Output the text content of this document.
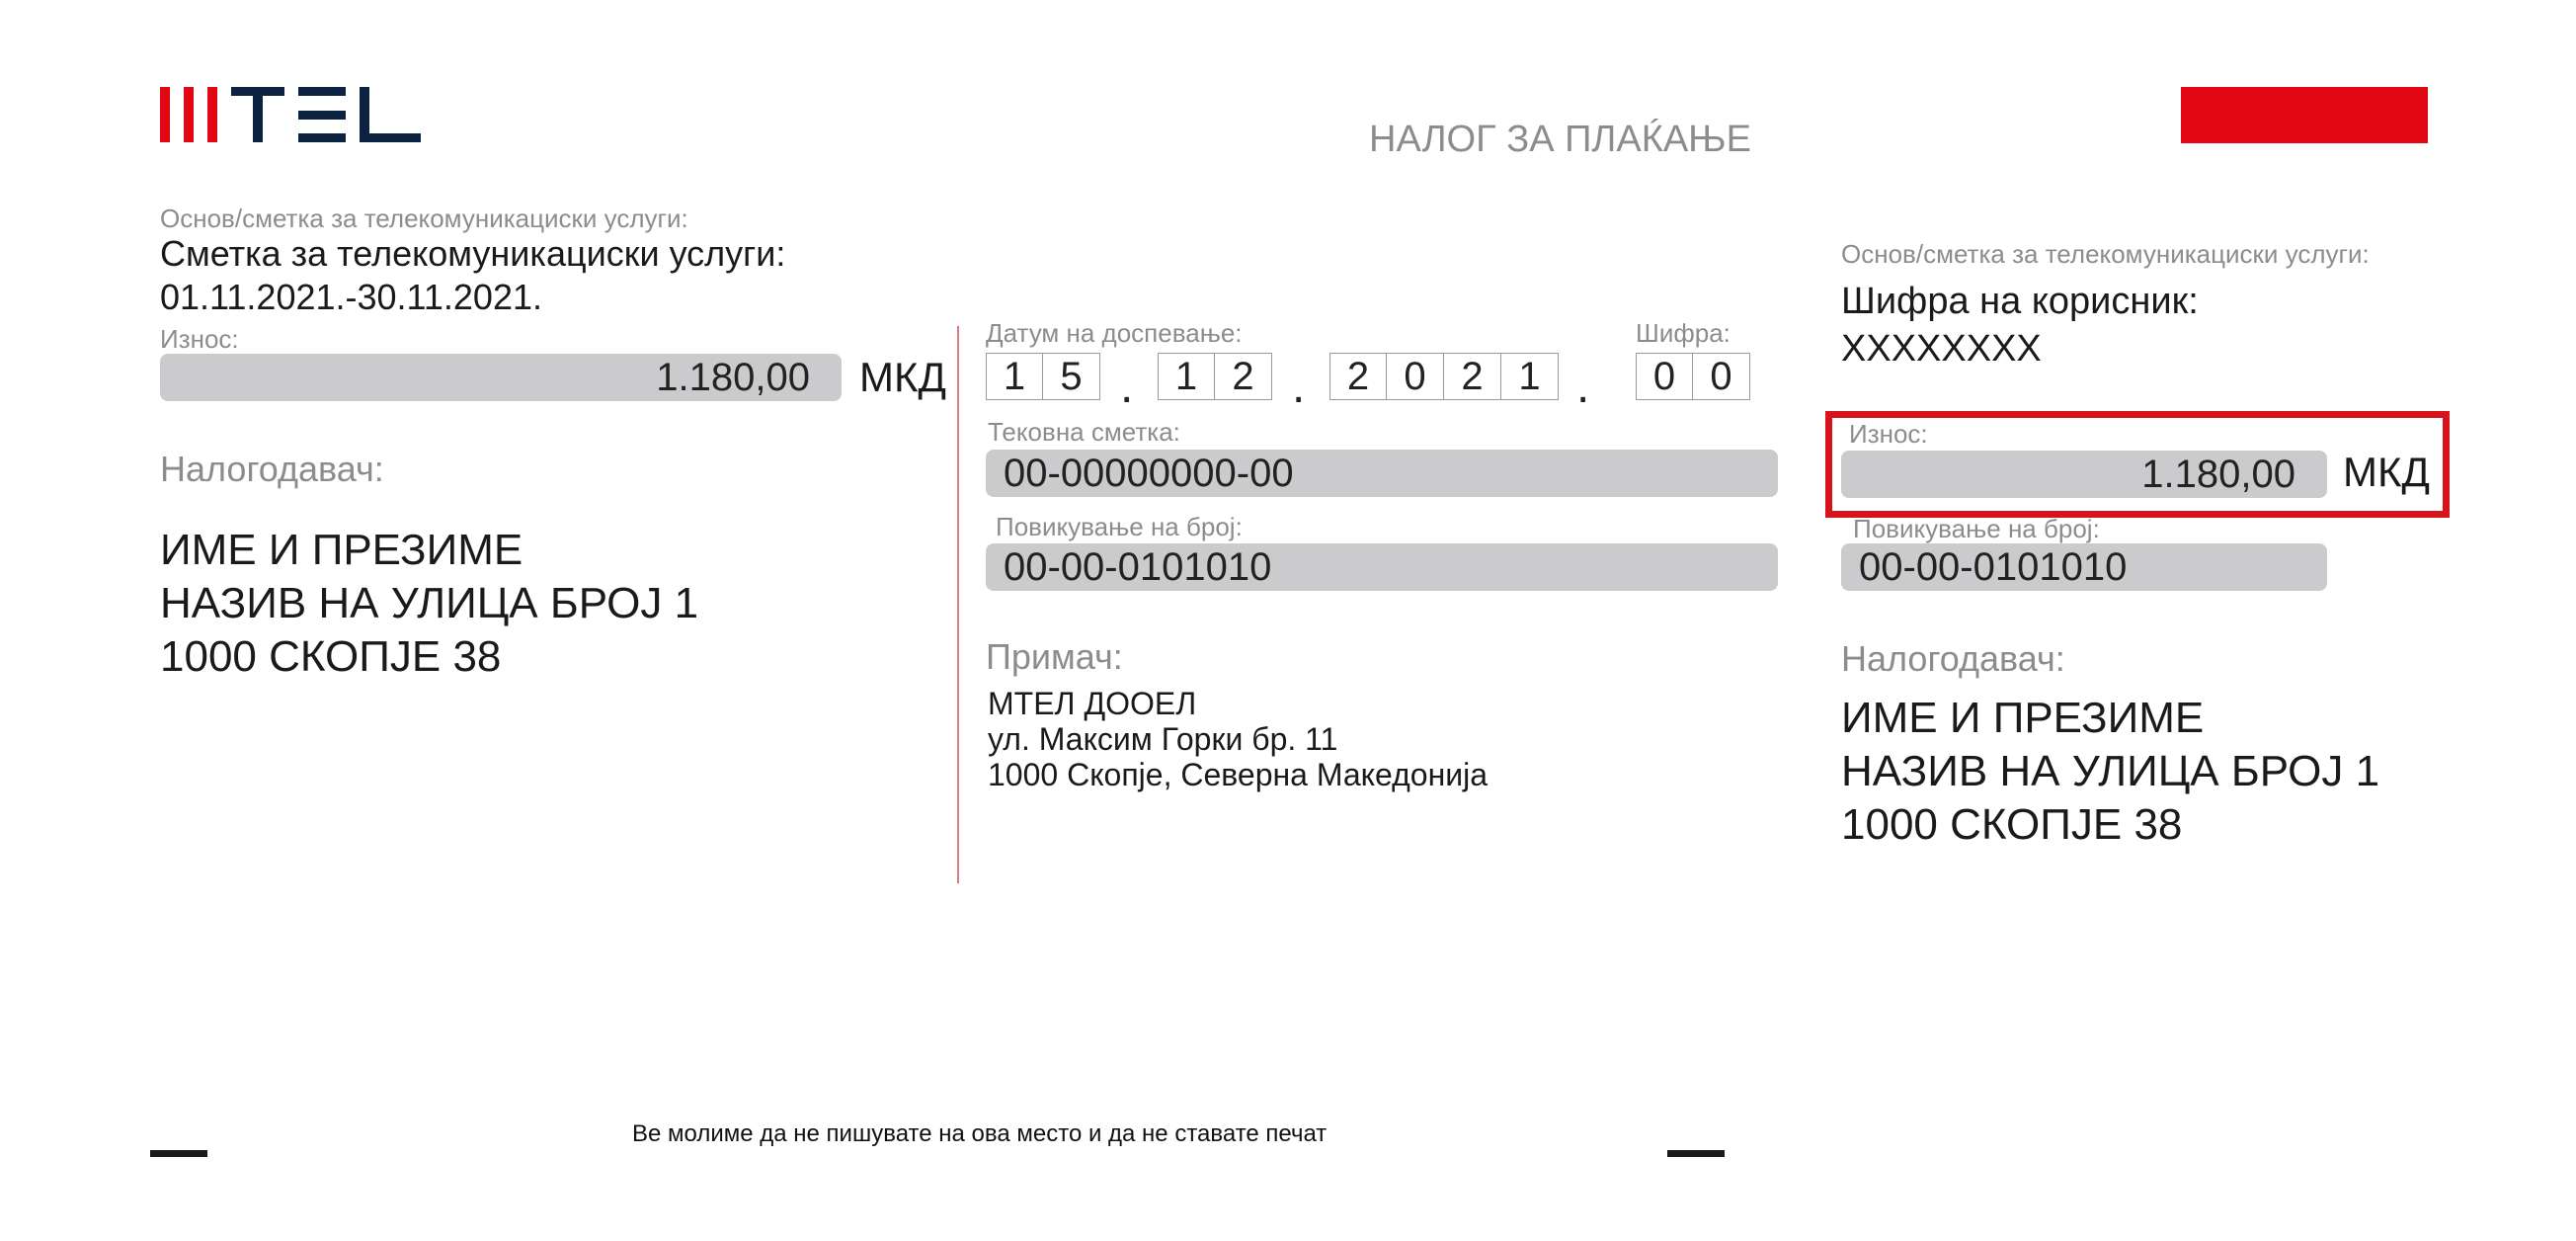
НАЛОГ ЗА ПЛАЌАЊЕ
Основ/сметка за телекомуникациски услуги:
Сметка за телекомуникациски услуги:
01.11.2021.-30.11.2021.
Износ:
1.180,00	МКД
Налогодавач:
ИМЕ И ПРЕЗИМЕ
НАЗИВ НА УЛИЦА БРОЈ 1
1000 СКОПЈЕ 38
Датум на доспевање:	Шифра:
1 5 .	1 2 .	2 0 2 1 .	0 0
Тековна сметка:
00-00000000-00
Повикување на број:
00-00-0101010
Примач:
МТЕЛ ДООЕЛ
ул. Максим Горки бр. 11
1000 Скопје, Северна Македонија
Основ/сметка за телекомуникациски услуги:
Шифра на корисник:
XXXXXXXX
Износ:
1.180,00	МКД
Повикување на број:
00-00-0101010
Налогодавач:
ИМЕ И ПРЕЗИМЕ
НАЗИВ НА УЛИЦА БРОЈ 1
1000 СКОПЈЕ 38
Ве молиме да не пишувате на ова место и да не ставате печат
